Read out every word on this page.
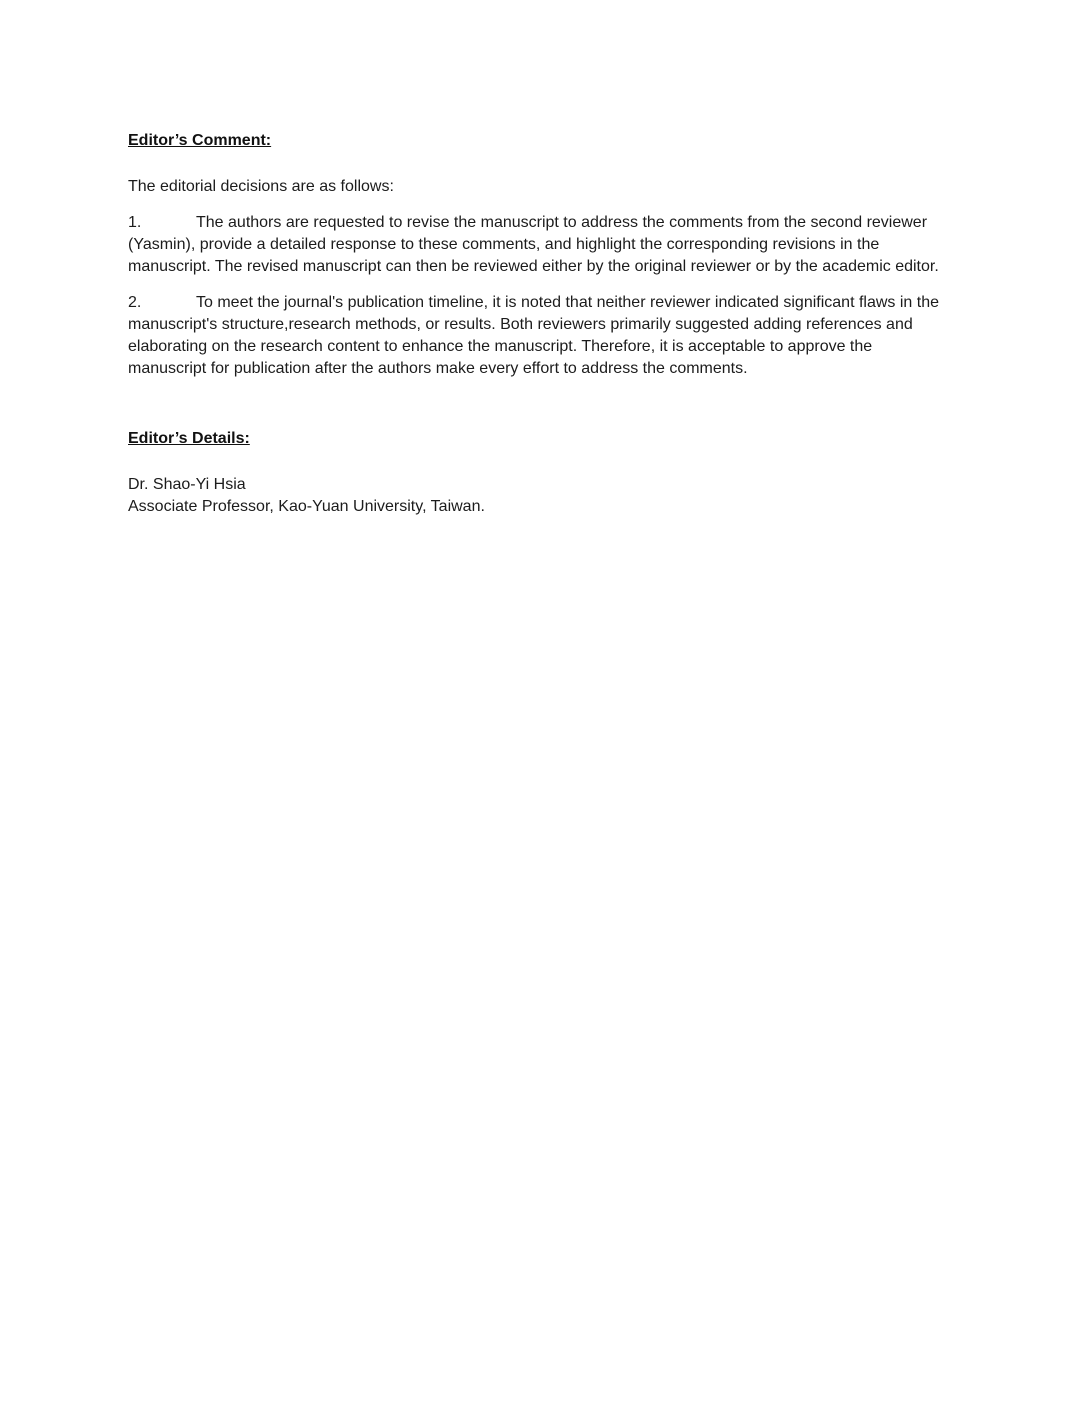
Editor’s Comment:
The editorial decisions are as follows:
1.	The authors are requested to revise the manuscript to address the comments from the second reviewer (Yasmin), provide a detailed response to these comments, and highlight the corresponding revisions in the manuscript. The revised manuscript can then be reviewed either by the original reviewer or by the academic editor.
2.	To meet the journal's publication timeline, it is noted that neither reviewer indicated significant flaws in the manuscript's structure,research methods, or results. Both reviewers primarily suggested adding references and elaborating on the research content to enhance the manuscript. Therefore, it is acceptable to approve the manuscript for publication after the authors make every effort to address the comments.
Editor’s Details:
Dr. Shao-Yi Hsia
Associate Professor, Kao-Yuan University, Taiwan.
